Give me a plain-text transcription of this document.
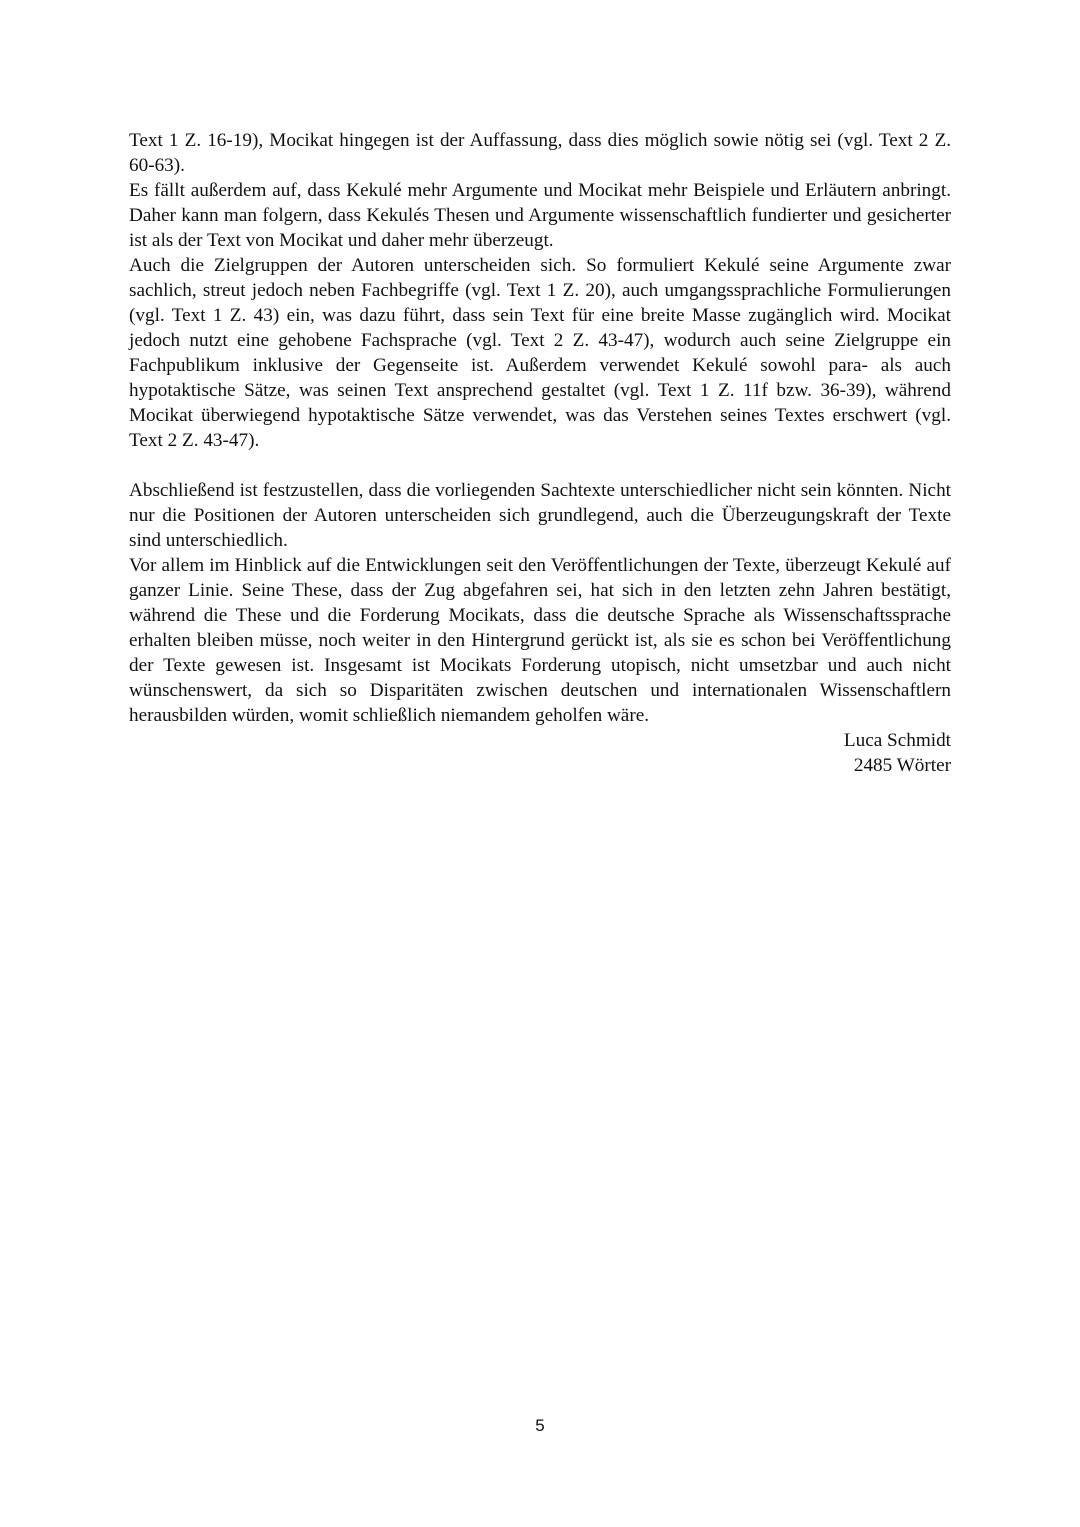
Text 1 Z. 16-19), Mocikat hingegen ist der Auffassung, dass dies möglich sowie nötig sei (vgl. Text 2 Z. 60-63).

Es fällt außerdem auf, dass Kekulé mehr Argumente und Mocikat mehr Beispiele und Erläutern anbringt. Daher kann man folgern, dass Kekulés Thesen und Argumente wissenschaftlich fundierter und gesicherter ist als der Text von Mocikat und daher mehr überzeugt.

Auch die Zielgruppen der Autoren unterscheiden sich. So formuliert Kekulé seine Argumente zwar sachlich, streut jedoch neben Fachbegriffe (vgl. Text 1 Z. 20), auch umgangssprachliche Formulierungen (vgl. Text 1 Z. 43) ein, was dazu führt, dass sein Text für eine breite Masse zugänglich wird. Mocikat jedoch nutzt eine gehobene Fachsprache (vgl. Text 2 Z. 43-47), wodurch auch seine Zielgruppe ein Fachpublikum inklusive der Gegenseite ist. Außerdem verwendet Kekulé sowohl para- als auch hypotaktische Sätze, was seinen Text ansprechend gestaltet (vgl. Text 1 Z. 11f bzw. 36-39), während Mocikat überwiegend hypotaktische Sätze verwendet, was das Verstehen seines Textes erschwert (vgl. Text 2 Z. 43-47).

Abschließend ist festzustellen, dass die vorliegenden Sachtexte unterschiedlicher nicht sein könnten. Nicht nur die Positionen der Autoren unterscheiden sich grundlegend, auch die Überzeugungskraft der Texte sind unterschiedlich.

Vor allem im Hinblick auf die Entwicklungen seit den Veröffentlichungen der Texte, überzeugt Kekulé auf ganzer Linie. Seine These, dass der Zug abgefahren sei, hat sich in den letzten zehn Jahren bestätigt, während die These und die Forderung Mocikats, dass die deutsche Sprache als Wissenschaftssprache erhalten bleiben müsse, noch weiter in den Hintergrund gerückt ist, als sie es schon bei Veröffentlichung der Texte gewesen ist. Insgesamt ist Mocikats Forderung utopisch, nicht umsetzbar und auch nicht wünschenswert, da sich so Disparitäten zwischen deutschen und internationalen Wissenschaftlern herausbilden würden, womit schließlich niemandem geholfen wäre.

Luca Schmidt
2485 Wörter
5
